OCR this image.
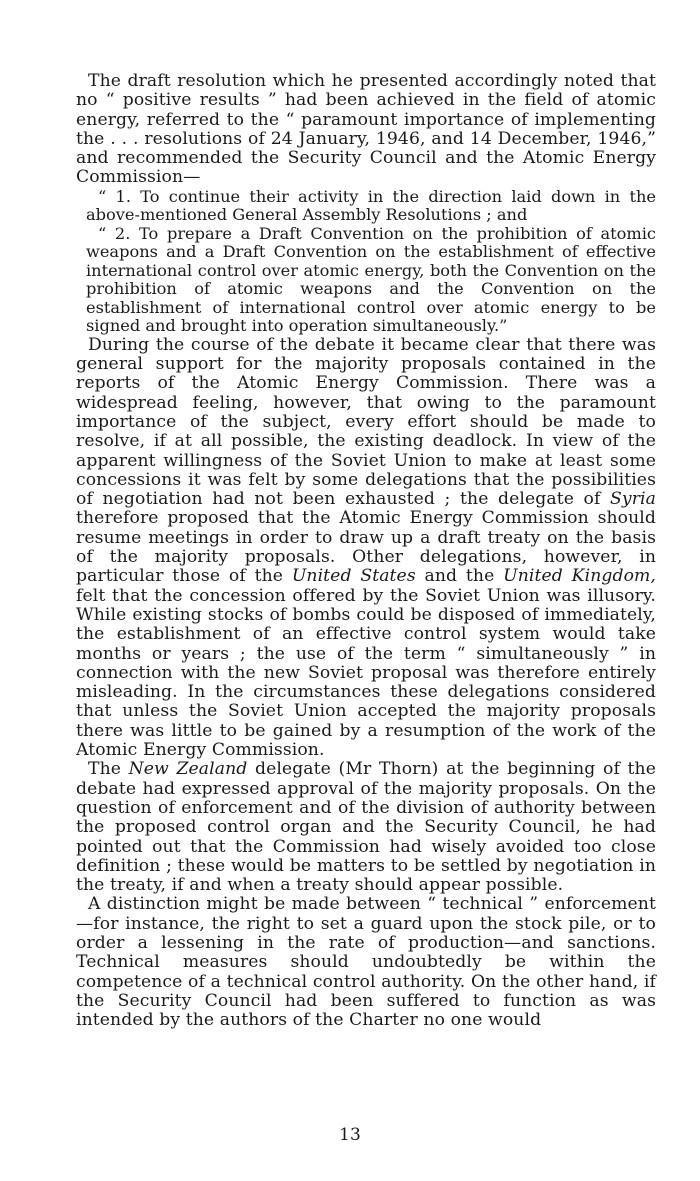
The draft resolution which he presented accordingly noted that no “ positive results ” had been achieved in the field of atomic energy, referred to the “ paramount importance of implementing the . . . resolutions of 24 January, 1946, and 14 December, 1946,” and recommended the Security Council and the Atomic Energy Commission—

“ 1. To continue their activity in the direction laid down in the above-mentioned General Assembly Resolutions ; and

“ 2. To prepare a Draft Convention on the prohibition of atomic weapons and a Draft Convention on the establishment of effective international control over atomic energy, both the Convention on the prohibition of atomic weapons and the Convention on the establishment of international control over atomic energy to be signed and brought into operation simultaneously.”

During the course of the debate it became clear that there was general support for the majority proposals contained in the reports of the Atomic Energy Commission. There was a widespread feeling, however, that owing to the paramount importance of the subject, every effort should be made to resolve, if at all possible, the existing deadlock. In view of the apparent willingness of the Soviet Union to make at least some concessions it was felt by some delegations that the possibilities of negotiation had not been exhausted ; the delegate of Syria therefore proposed that the Atomic Energy Commission should resume meetings in order to draw up a draft treaty on the basis of the majority proposals. Other delegations, however, in particular those of the United States and the United Kingdom, felt that the concession offered by the Soviet Union was illusory. While existing stocks of bombs could be disposed of immediately, the establishment of an effective control system would take months or years ; the use of the term “ simultaneously ” in connection with the new Soviet proposal was therefore entirely misleading. In the circumstances these delegations considered that unless the Soviet Union accepted the majority proposals there was little to be gained by a resumption of the work of the Atomic Energy Commission.

The New Zealand delegate (Mr Thorn) at the beginning of the debate had expressed approval of the majority proposals. On the question of enforcement and of the division of authority between the proposed control organ and the Security Council, he had pointed out that the Commission had wisely avoided too close definition ; these would be matters to be settled by negotiation in the treaty, if and when a treaty should appear possible.

A distinction might be made between “ technical ” enforcement—for instance, the right to set a guard upon the stock pile, or to order a lessening in the rate of production—and sanctions. Technical measures should undoubtedly be within the competence of a technical control authority. On the other hand, if the Security Council had been suffered to function as was intended by the authors of the Charter no one would

13
